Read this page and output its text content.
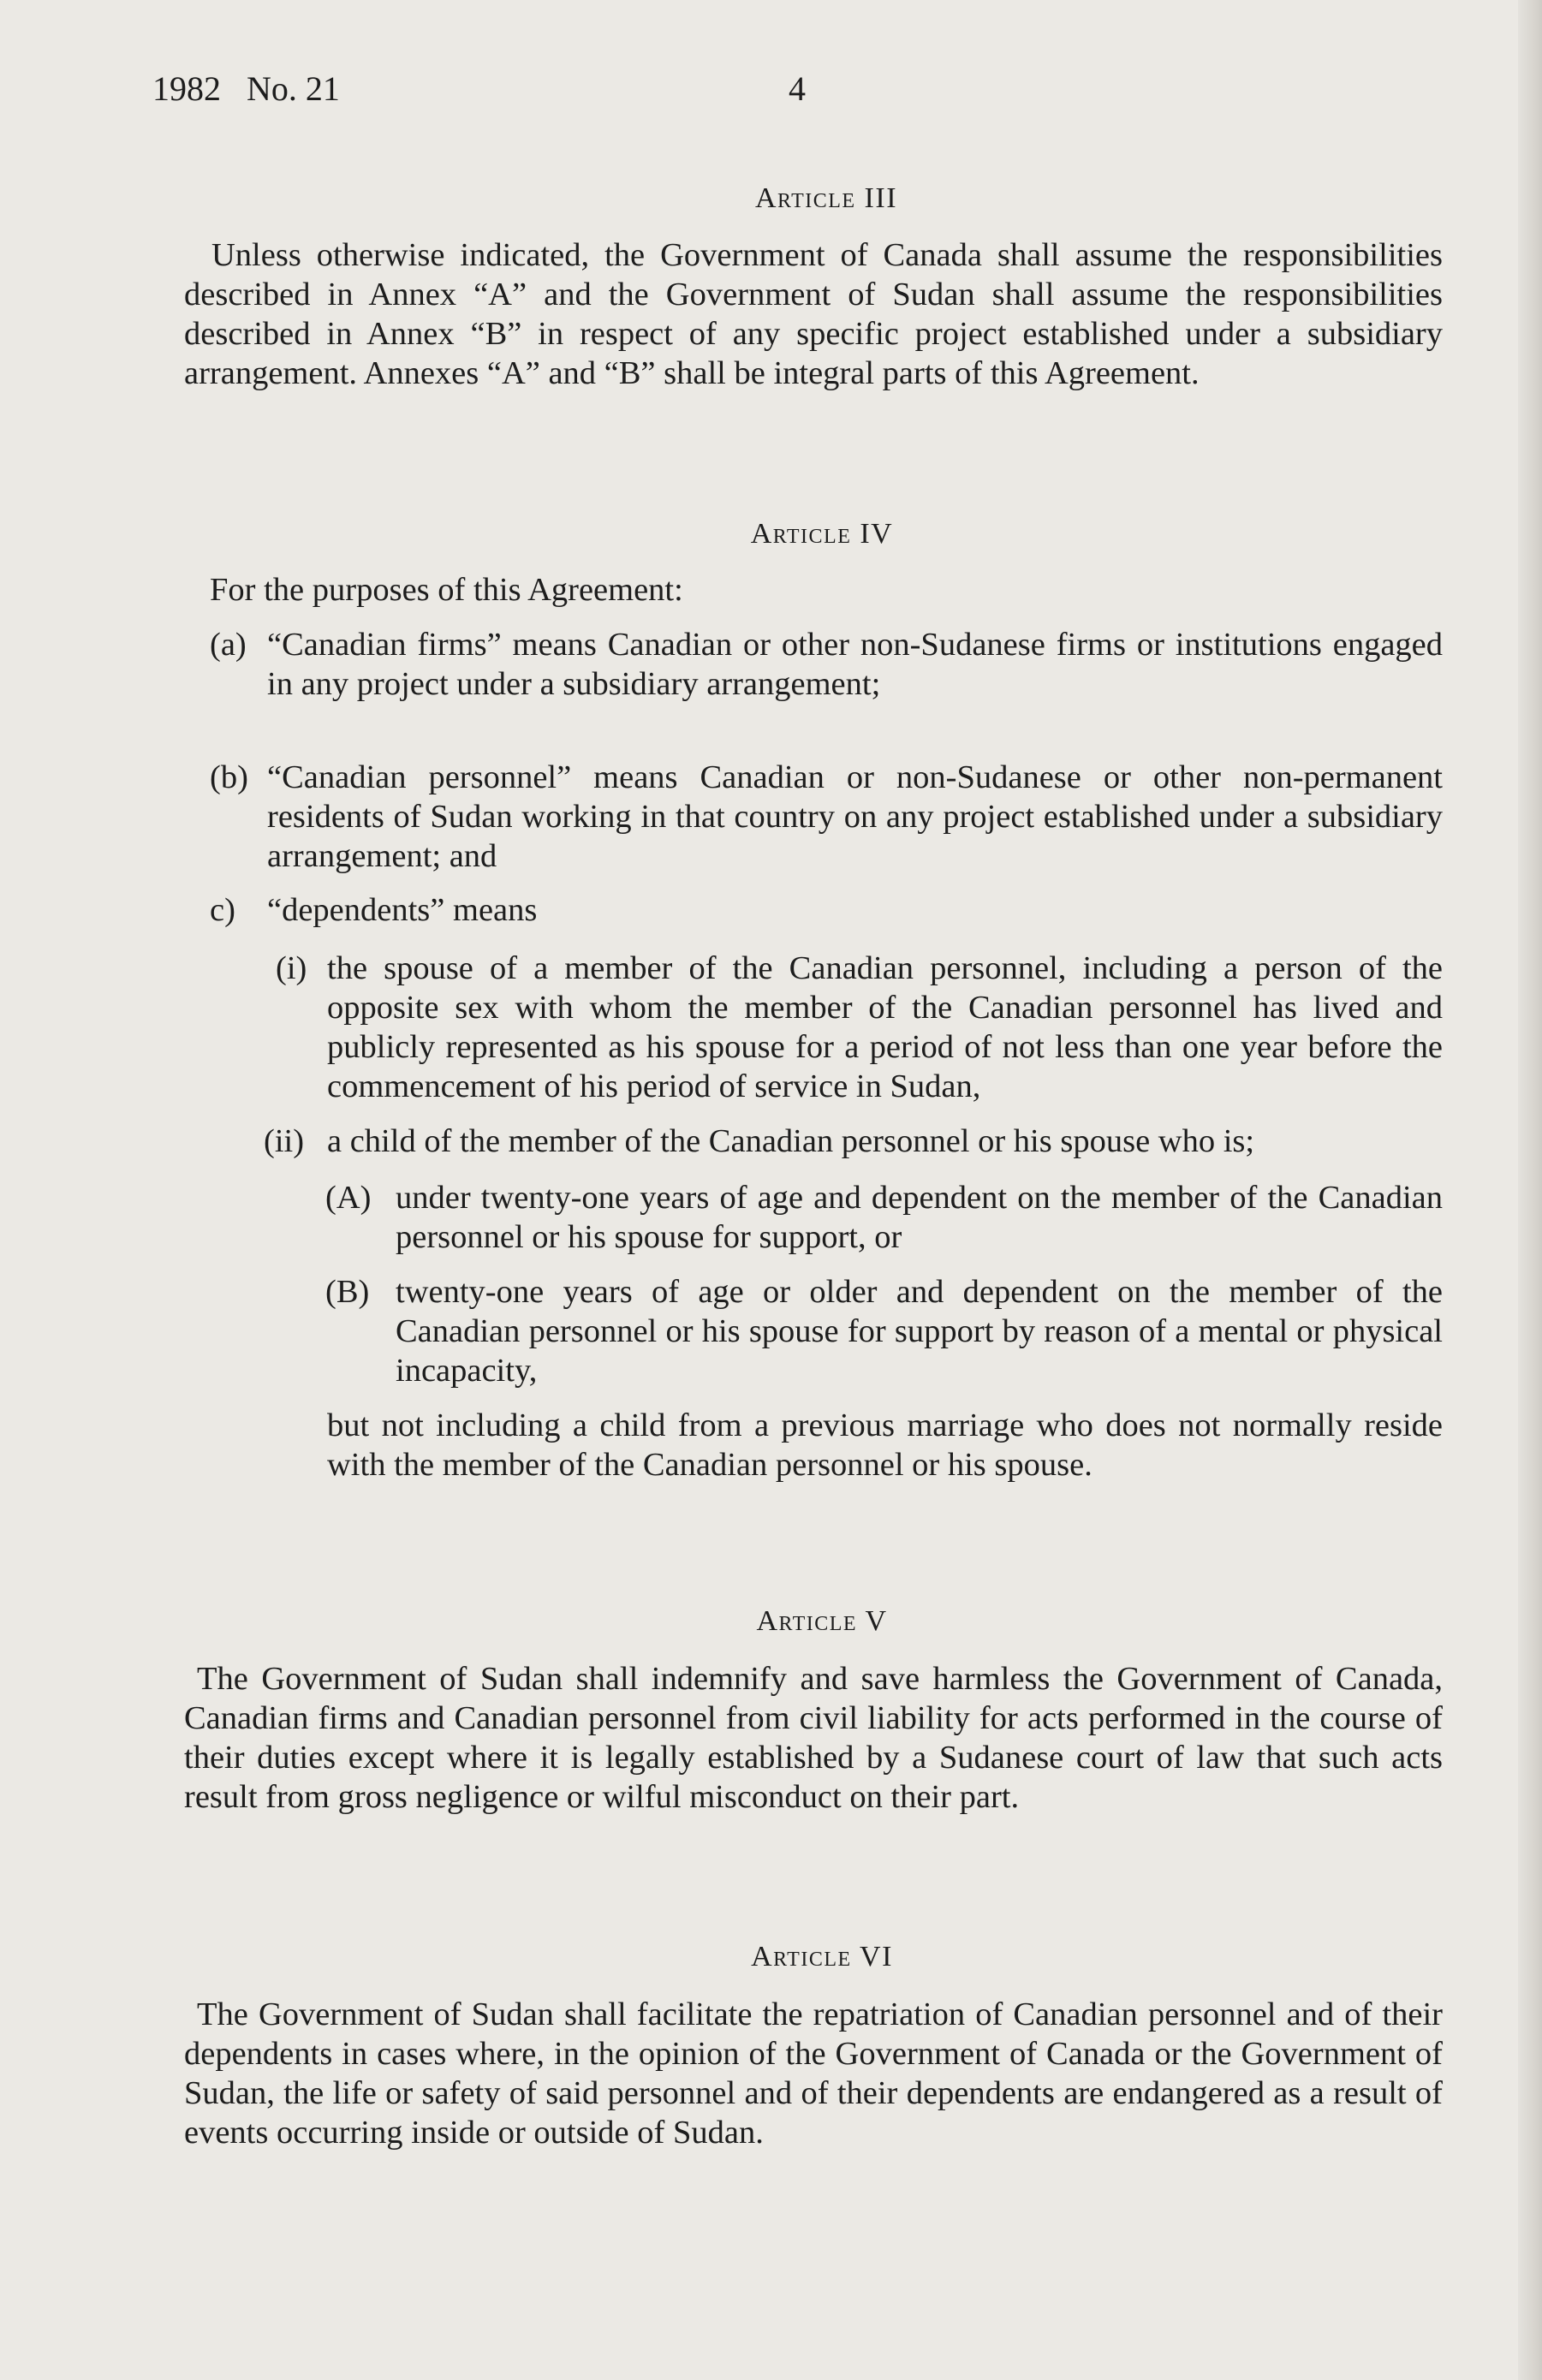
1982   No. 21	4
Article III

Unless otherwise indicated, the Government of Canada shall assume the responsibilities described in Annex “A” and the Government of Sudan shall assume the responsibilities described in Annex “B” in respect of any specific project established under a subsidiary arrangement. Annexes “A” and “B” shall be integral parts of this Agreement.

Article IV
For the purposes of this Agreement:
(a) “Canadian firms” means Canadian or other non-Sudanese firms or institutions engaged in any project under a subsidiary arrangement;
(b) “Canadian personnel” means Canadian or non-Sudanese or other non-permanent residents of Sudan working in that country on any project established under a subsidiary arrangement; and
c) “dependents” means
(i) the spouse of a member of the Canadian personnel, including a person of the opposite sex with whom the member of the Canadian personnel has lived and publicly represented as his spouse for a period of not less than one year before the commencement of his period of service in Sudan,
(ii) a child of the member of the Canadian personnel or his spouse who is;
(A) under twenty-one years of age and dependent on the member of the Canadian personnel or his spouse for support, or
(B) twenty-one years of age or older and dependent on the member of the Canadian personnel or his spouse for support by reason of a mental or physical incapacity,
but not including a child from a previous marriage who does not normally reside with the member of the Canadian personnel or his spouse.
Article V

The Government of Sudan shall indemnify and save harmless the Government of Canada, Canadian firms and Canadian personnel from civil liability for acts performed in the course of their duties except where it is legally established by a Sudanese court of law that such acts result from gross negligence or wilful misconduct on their part.

Article VI

The Government of Sudan shall facilitate the repatriation of Canadian personnel and of their dependents in cases where, in the opinion of the Government of Canada or the Government of Sudan, the life or safety of said personnel and of their dependents are endangered as a result of events occurring inside or outside of Sudan.
